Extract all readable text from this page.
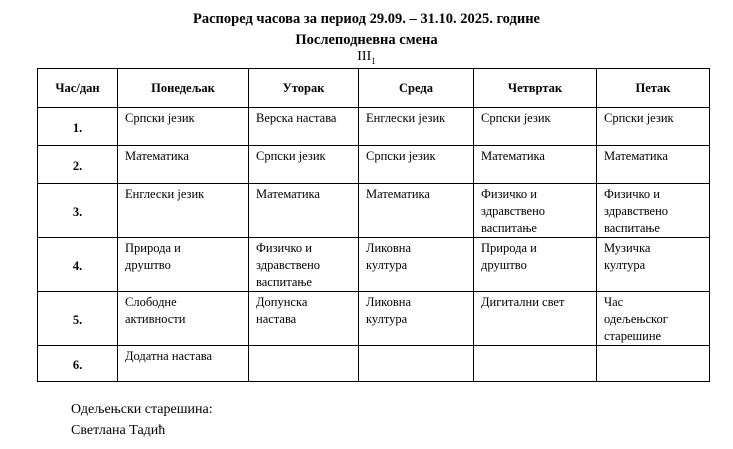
Распоред часова за период 29.09. – 31.10. 2025. године
Послеподневна смена
$III_1$
Час/дан	Понедељак	Уторак	Среда	Четвртак	Петак
1.	Српски језик	Верска настава	Енглески језик	Српски језик	Српски језик
2.	Математика	Српски језик	Српски језик	Математика	Математика
3.	Енглески језик	Математика	Математика	Физичко и
здравствено
васпитање	Физичко и
здравствено
васпитање
4.	Природа и
друштво	Физичко и
здравствено
васпитање	Ликовна
култура	Природа и
друштво	Музичка
култура
5.	Слободне
активности	Допунска
настава	Ликовна
култура	Дигитални свет	Час
одељењског
старешине
6.	Додатна настава				
Одељењски старешина:
Светлана Тадић
